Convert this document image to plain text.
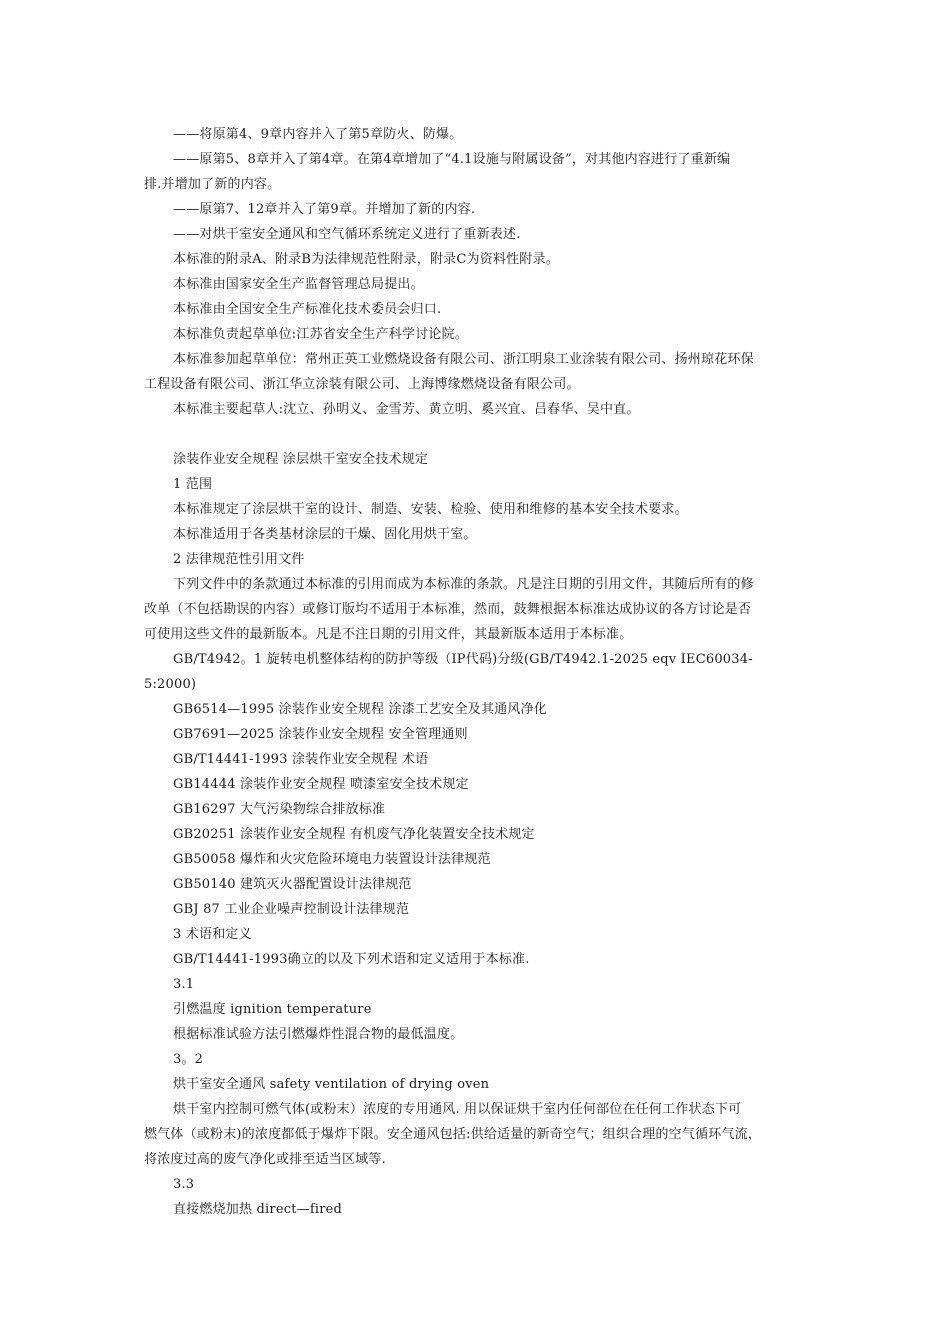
——将原第4、9章内容并入了第5章防火、防爆。
——原第5、8章并入了第4章。在第4章增加了“4.1设施与附属设备”，对其他内容进行了重新编
排.并增加了新的内容。
——原第7、12章并入了第9章。并增加了新的内容.
——对烘干室安全通风和空气循环系统定义进行了重新表述.
本标准的附录A、附录B为法律规范性附录，附录C为资料性附录。
本标准由国家安全生产监督管理总局提出。
本标准由全国安全生产标准化技术委员会归口.
本标准负责起草单位:江苏省安全生产科学讨论院。
本标准参加起草单位：常州正英工业燃烧设备有限公司、浙江明泉工业涂装有限公司、扬州琼花环保
工程设备有限公司、浙江华立涂装有限公司、上海博缘燃烧设备有限公司。
本标准主要起草人:沈立、孙明义、金雪芳、黄立明、奚兴宜、吕春华、吴中直。
涂装作业安全规程 涂层烘干室安全技术规定
1 范围
本标准规定了涂层烘干室的设计、制造、安装、检验、使用和维修的基本安全技术要求。
本标准适用于各类基材涂层的干燥、固化用烘干室。
2 法律规范性引用文件
下列文件中的条款通过本标准的引用而成为本标准的条款。凡是注日期的引用文件，其随后所有的修
改单（不包括勘误的内容）或修订版均不适用于本标准，然而，鼓舞根据本标准达成协议的各方讨论是否
可使用这些文件的最新版本。凡是不注日期的引用文件，其最新版本适用于本标准。
GB/T4942。1 旋转电机整体结构的防护等级（IP代码)分级(GB/T4942.1-2025 eqv IEC60034-
5:2000)
GB6514—1995 涂装作业安全规程 涂漆工艺安全及其通风净化
GB7691—2025 涂装作业安全规程 安全管理通则
GB/T14441-1993 涂装作业安全规程 术语
GB14444 涂装作业安全规程 喷漆室安全技术规定
GB16297 大气污染物综合排放标准
GB20251 涂装作业安全规程 有机废气净化装置安全技术规定
GB50058 爆炸和火灾危险环境电力装置设计法律规范
GB50140 建筑灭火器配置设计法律规范
GBJ 87 工业企业噪声控制设计法律规范
3 术语和定义
GB/T14441-1993确立的以及下列术语和定义适用于本标准.
3.1
引燃温度 ignition temperature
根据标准试验方法引燃爆炸性混合物的最低温度。
3。2
烘干室安全通风 safety ventilation of drying oven
烘干室内控制可燃气体(或粉末）浓度的专用通风. 用以保证烘干室内任何部位在任何工作状态下可
燃气体（或粉末)的浓度都低于爆炸下限。安全通风包括:供给适量的新奇空气；组织合理的空气循环气流，
将浓度过高的废气净化或排至适当区域等.
3.3
直接燃烧加热 direct—fired
